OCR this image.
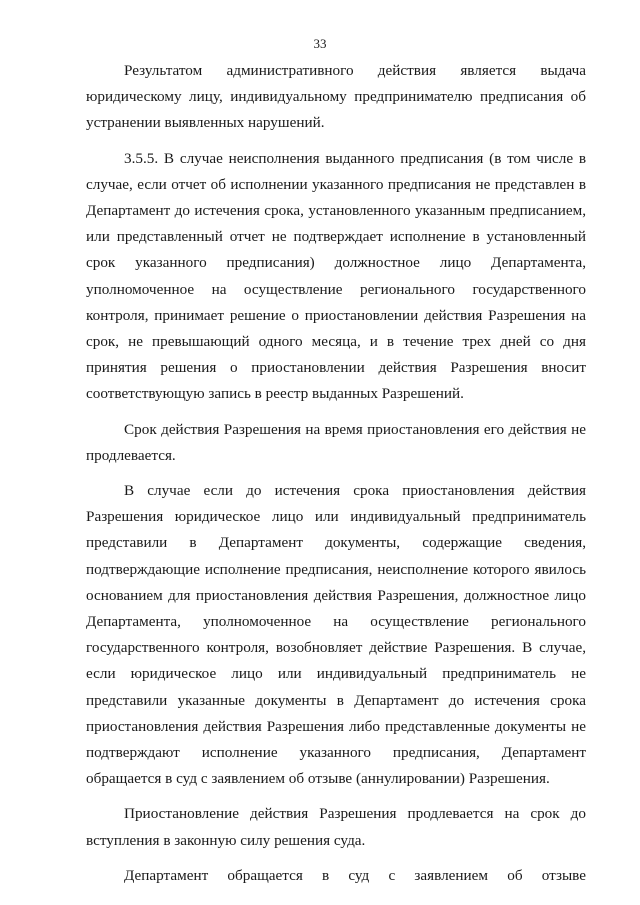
33

Результатом административного действия является выдача юридическому лицу, индивидуальному предпринимателю предписания об устранении выявленных нарушений.

3.5.5. В случае неисполнения выданного предписания (в том числе в случае, если отчет об исполнении указанного предписания не представлен в Департамент до истечения срока, установленного указанным предписанием, или представленный отчет не подтверждает исполнение в установленный срок указанного предписания) должностное лицо Департамента, уполномоченное на осуществление регионального государственного контроля, принимает решение о приостановлении действия Разрешения на срок, не превышающий одного месяца, и в течение трех дней со дня принятия решения о приостановлении действия Разрешения вносит соответствующую запись в реестр выданных Разрешений.

Срок действия Разрешения на время приостановления его действия не продлевается.

В случае если до истечения срока приостановления действия Разрешения юридическое лицо или индивидуальный предприниматель представили в Департамент документы, содержащие сведения, подтверждающие исполнение предписания, неисполнение которого явилось основанием для приостановления действия Разрешения, должностное лицо Департамента, уполномоченное на осуществление регионального государственного контроля, возобновляет действие Разрешения. В случае, если юридическое лицо или индивидуальный предприниматель не представили указанные документы в Департамент до истечения срока приостановления действия Разрешения либо представленные документы не подтверждают исполнение указанного предписания, Департамент обращается в суд с заявлением об отзыве (аннулировании) Разрешения.

Приостановление действия Разрешения продлевается на срок до вступления в законную силу решения суда.

Департамент обращается в суд с заявлением об отзыве
